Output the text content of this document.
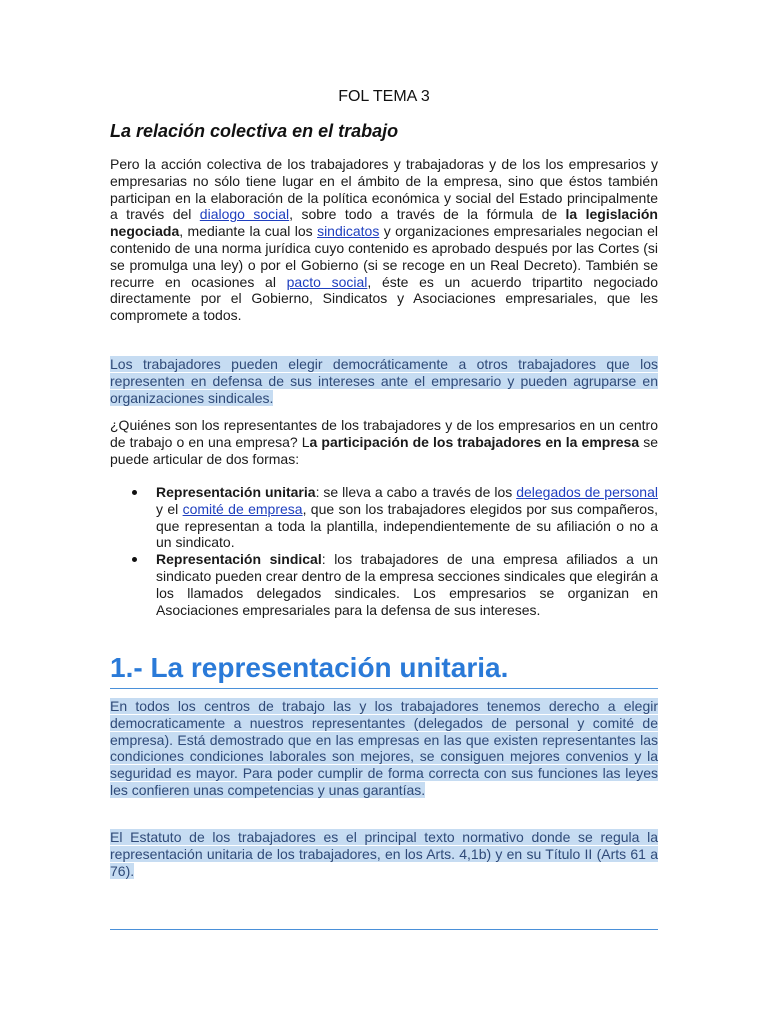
FOL TEMA 3
La relación colectiva en el trabajo

Pero la acción colectiva de los trabajadores y trabajadoras y de los los empresarios y empresarias no sólo tiene lugar en el ámbito de la empresa, sino que éstos también participan en la elaboración de la política económica y social del Estado principalmente a través del dialogo social, sobre todo a través de la fórmula de la legislación negociada, mediante la cual los sindicatos y organizaciones empresariales negocian el contenido de una norma jurídica cuyo contenido es aprobado después por las Cortes (si se promulga una ley) o por el Gobierno (si se recoge en un Real Decreto). También se recurre en ocasiones al pacto social, éste es un acuerdo tripartito negociado directamente por el Gobierno, Sindicatos y Asociaciones empresariales, que les compromete a todos.

Los trabajadores pueden elegir democráticamente a otros trabajadores que los representen en defensa de sus intereses ante el empresario y pueden agruparse en organizaciones sindicales.

¿Quiénes son los representantes de los trabajadores y de los empresarios en un centro de trabajo o en una empresa? La participación de los trabajadores en la empresa se puede articular de dos formas:

Representación unitaria: se lleva a cabo a través de los delegados de personal y el comité de empresa, que son los trabajadores elegidos por sus compañeros, que representan a toda la plantilla, independientemente de su afiliación o no a un sindicato.
Representación sindical: los trabajadores de una empresa afiliados a un sindicato pueden crear dentro de la empresa secciones sindicales que elegirán a los llamados delegados sindicales. Los empresarios se organizan en Asociaciones empresariales para la defensa de sus intereses.
1.- La representación unitaria.

En todos los centros de trabajo las y los trabajadores tenemos derecho a elegir democraticamente a nuestros representantes (delegados de personal y comité de empresa). Está demostrado que en las empresas en las que existen representantes las condiciones condiciones laborales son mejores, se consiguen mejores convenios y la seguridad es mayor. Para poder cumplir de forma correcta con sus funciones las leyes les confieren unas competencias y unas garantías.

El Estatuto de los trabajadores es el principal texto normativo donde se regula la representación unitaria de los trabajadores, en los Arts. 4,1b) y en su Título II (Arts 61 a 76).
